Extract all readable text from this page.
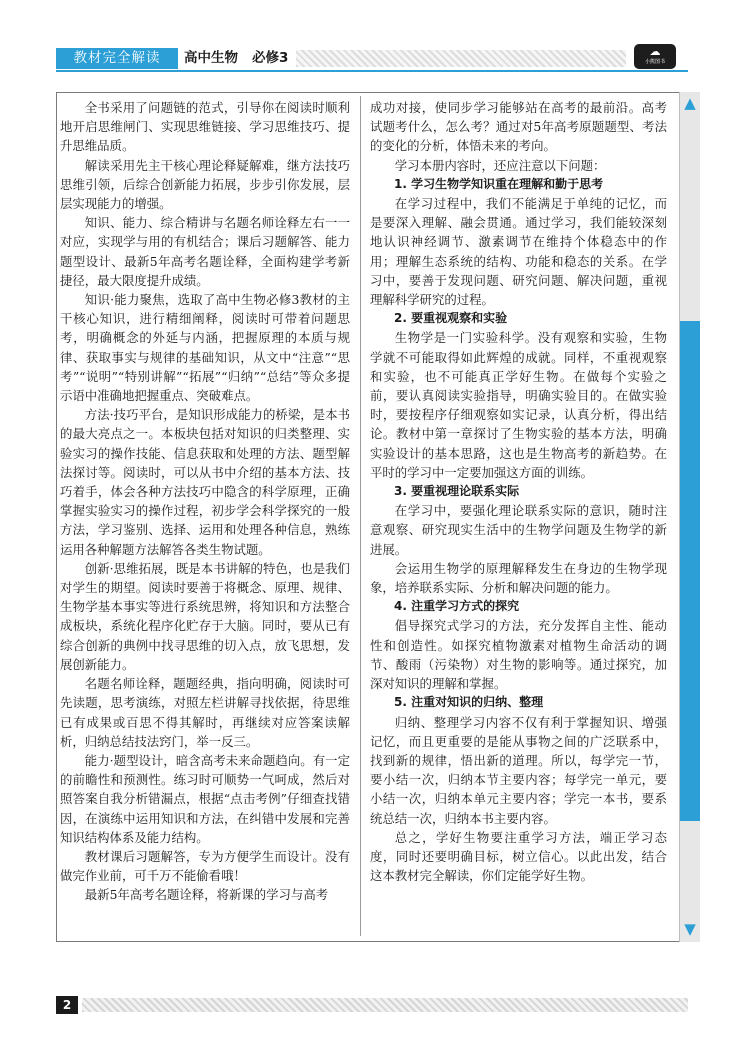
教材完全解读	高中生物 必修3	☁
小熊图书

全书采用了问题链的范式，引导你在阅读时顺利地开启思维闸门、实现思维链接、学习思维技巧、提升思维品质。

解读采用先主干核心理论释疑解难，继方法技巧思维引领，后综合创新能力拓展，步步引你发展，层层实现能力的增强。

知识、能力、综合精讲与名题名师诠释左右一一对应，实现学与用的有机结合；课后习题解答、能力题型设计、最新5年高考名题诠释，全面构建学考新捷径，最大限度提升成绩。

知识·能力聚焦，选取了高中生物必修3教材的主干核心知识，进行精细阐释，阅读时可带着问题思考，明确概念的外延与内涵，把握原理的本质与规律、获取事实与规律的基础知识，从文中“注意”“思考”“说明”“特别讲解”“拓展”“归纳”“总结”等众多提示语中准确地把握重点、突破难点。

方法·技巧平台，是知识形成能力的桥梁，是本书的最大亮点之一。本板块包括对知识的归类整理、实验实习的操作技能、信息获取和处理的方法、题型解法探讨等。阅读时，可以从书中介绍的基本方法、技巧着手，体会各种方法技巧中隐含的科学原理，正确掌握实验实习的操作过程，初步学会科学探究的一般方法，学习鉴别、选择、运用和处理各种信息，熟练运用各种解题方法解答各类生物试题。

创新·思维拓展，既是本书讲解的特色，也是我们对学生的期望。阅读时要善于将概念、原理、规律、生物学基本事实等进行系统思辨，将知识和方法整合成板块，系统化程序化贮存于大脑。同时，要从已有综合创新的典例中找寻思维的切入点，放飞思想，发展创新能力。

名题名师诠释，题题经典，指向明确，阅读时可先读题，思考演练，对照左栏讲解寻找依据，待思维已有成果或百思不得其解时，再继续对应答案读解析，归纳总结技法窍门，举一反三。

能力·题型设计，暗含高考未来命题趋向。有一定的前瞻性和预测性。练习时可顺势一气呵成，然后对照答案自我分析错漏点，根据“点击考例”仔细查找错因，在演练中运用知识和方法，在纠错中发展和完善知识结构体系及能力结构。

教材课后习题解答，专为方便学生而设计。没有做完作业前，可千万不能偷看哦！

最新5年高考名题诠释，将新课的学习与高考

成功对接，使同步学习能够站在高考的最前沿。高考试题考什么，怎么考？通过对5年高考原题题型、考法的变化的分析，体悟未来的考向。

学习本册内容时，还应注意以下问题：

1. 学习生物学知识重在理解和勤于思考

在学习过程中，我们不能满足于单纯的记忆，而是要深入理解、融会贯通。通过学习，我们能较深刻地认识神经调节、激素调节在维持个体稳态中的作用；理解生态系统的结构、功能和稳态的关系。在学习中，要善于发现问题、研究问题、解决问题，重视理解科学研究的过程。

2. 要重视观察和实验

生物学是一门实验科学。没有观察和实验，生物学就不可能取得如此辉煌的成就。同样，不重视观察和实验，也不可能真正学好生物。在做每个实验之前，要认真阅读实验指导，明确实验目的。在做实验时，要按程序仔细观察如实记录，认真分析，得出结论。教材中第一章探讨了生物实验的基本方法，明确实验设计的基本思路，这也是生物高考的新趋势。在平时的学习中一定要加强这方面的训练。

3. 要重视理论联系实际

在学习中，要强化理论联系实际的意识，随时注意观察、研究现实生活中的生物学问题及生物学的新进展。

会运用生物学的原理解释发生在身边的生物学现象，培养联系实际、分析和解决问题的能力。

4. 注重学习方式的探究

倡导探究式学习的方法，充分发挥自主性、能动性和创造性。如探究植物激素对植物生命活动的调节、酸雨（污染物）对生物的影响等。通过探究，加深对知识的理解和掌握。

5. 注重对知识的归纳、整理

归纳、整理学习内容不仅有利于掌握知识、增强记忆，而且更重要的是能从事物之间的广泛联系中，找到新的规律，悟出新的道理。所以，每学完一节，要小结一次，归纳本节主要内容；每学完一单元，要小结一次，归纳本单元主要内容；学完一本书，要系统总结一次，归纳本书主要内容。

总之，学好生物要注重学习方法，端正学习态度，同时还要明确目标，树立信心。以此出发，结合这本教材完全解读，你们定能学好生物。

▲
▼
2
